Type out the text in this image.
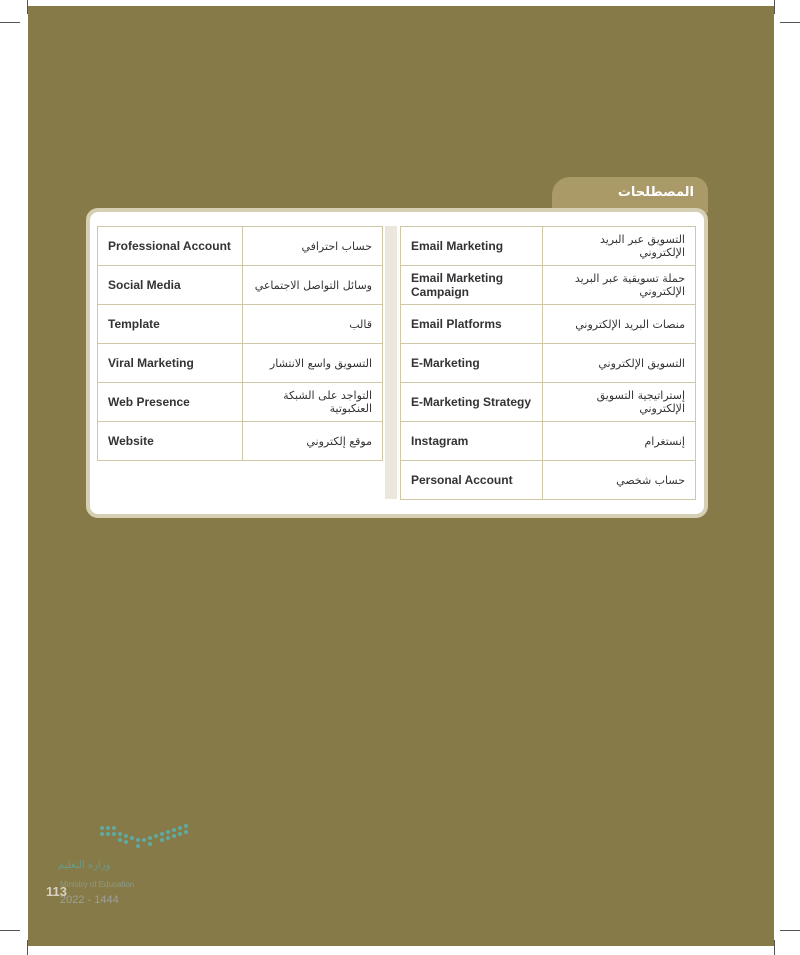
المصطلحات
Professional Account	حساب احترافي
Social Media	وسائل التواصل الاجتماعي
Template	قالب
Viral Marketing	التسويق واسع الانتشار
Web Presence	التواجد على الشبكة العنكبوتية
Website	موقع إلكتروني
Email Marketing	التسويق عبر البريد الإلكتروني
Email Marketing Campaign	حملة تسويقية عبر البريد الإلكتروني
Email Platforms	منصات البريد الإلكتروني
E-Marketing	التسويق الإلكتروني
E-Marketing Strategy	إستراتيجية التسويق الإلكتروني
Instagram	إنستغرام
Personal Account	حساب شخصي
وزارة التعليم
Ministry of Education
2022 - 1444
113
